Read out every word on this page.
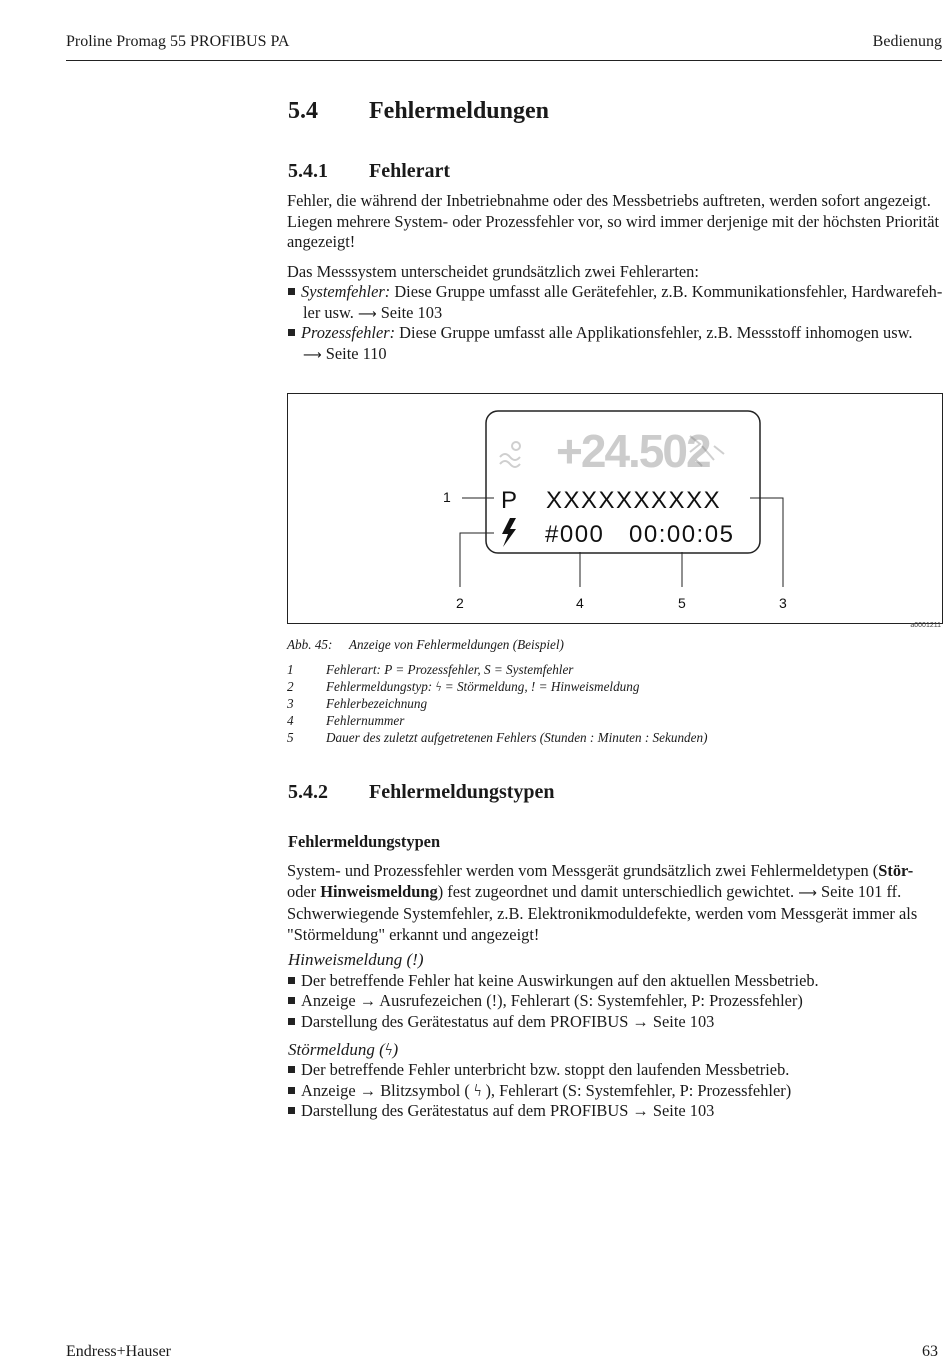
Proline Promag 55 PROFIBUS PA	Bedienung
5.4 Fehlermeldungen
5.4.1 Fehlerart
Fehler, die während der Inbetriebnahme oder des Messbetriebs auftreten, werden sofort angezeigt. Liegen mehrere System- oder Prozessfehler vor, so wird immer derjenige mit der höchsten Priorität angezeigt!
Das Messsystem unterscheidet grundsätzlich zwei Fehlerarten:
Systemfehler: Diese Gruppe umfasst alle Gerätefehler, z.B. Kommunikationsfehler, Hardwarefeh-
ler usw. ⟶ Seite 103
Prozessfehler: Diese Gruppe umfasst alle Applikationsfehler, z.B. Messstoff inhomogen usw.
⟶ Seite 110
+24.502
P XXXXXXXXXX
#000 00:00:05
1
2	4	5	3
a0001211
Abb. 45: Anzeige von Fehlermeldungen (Beispiel)
1 Fehlerart: P = Prozessfehler, S = Systemfehler
2 Fehlermeldungstyp: ϟ = Störmeldung, ! = Hinweismeldung
3 Fehlerbezeichnung
4 Fehlernummer
5 Dauer des zuletzt aufgetretenen Fehlers (Stunden : Minuten : Sekunden)
5.4.2 Fehlermeldungstypen
Fehlermeldungstypen
System- und Prozessfehler werden vom Messgerät grundsätzlich zwei Fehlermeldetypen (Stör-
oder Hinweismeldung) fest zugeordnet und damit unterschiedlich gewichtet. ⟶ Seite 101 ff.
Schwerwiegende Systemfehler, z.B. Elektronikmoduldefekte, werden vom Messgerät immer als "Störmeldung" erkannt und angezeigt!
Hinweismeldung (!)
Der betreffende Fehler hat keine Auswirkungen auf den aktuellen Messbetrieb.
Anzeige → Ausrufezeichen (!), Fehlerart (S: Systemfehler, P: Prozessfehler)
Darstellung des Gerätestatus auf dem PROFIBUS → Seite 103
Störmeldung (ϟ)
Der betreffende Fehler unterbricht bzw. stoppt den laufenden Messbetrieb.
Anzeige → Blitzsymbol ( ϟ ), Fehlerart (S: Systemfehler, P: Prozessfehler)
Darstellung des Gerätestatus auf dem PROFIBUS → Seite 103
Endress+Hauser	63
